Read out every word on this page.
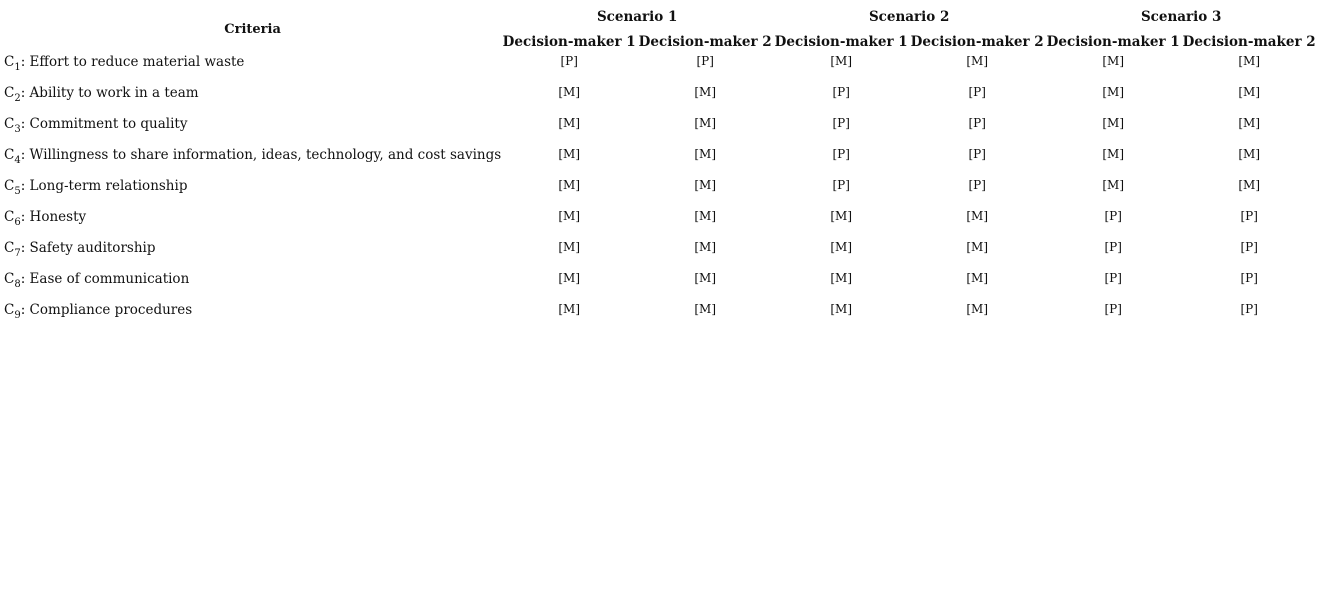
Criteria	Scenario 1		Scenario 2		Scenario 3	
	Decision-maker 1	Decision-maker 2	Decision-maker 1	Decision-maker 2	Decision-maker 1	Decision-maker 2
$C_1$: Effort to reduce material waste	[P]	[P]	[M]	[M]	[M]	[M]
$C_2$: Ability to work in a team	[M]	[M]	[P]	[P]	[M]	[M]
$C_3$: Commitment to quality	[M]	[M]	[P]	[P]	[M]	[M]
$C_4$: Willingness to share information, ideas, technology, and cost savings	[M]	[M]	[P]	[P]	[M]	[M]
$C_5$: Long-term relationship	[M]	[M]	[P]	[P]	[M]	[M]
$C_6$: Honesty	[M]	[M]	[M]	[M]	[P]	[P]
$C_7$: Safety auditorship	[M]	[M]	[M]	[M]	[P]	[P]
$C_8$: Ease of communication	[M]	[M]	[M]	[M]	[P]	[P]
$C_9$: Compliance procedures	[M]	[M]	[M]	[M]	[P]	[P]
